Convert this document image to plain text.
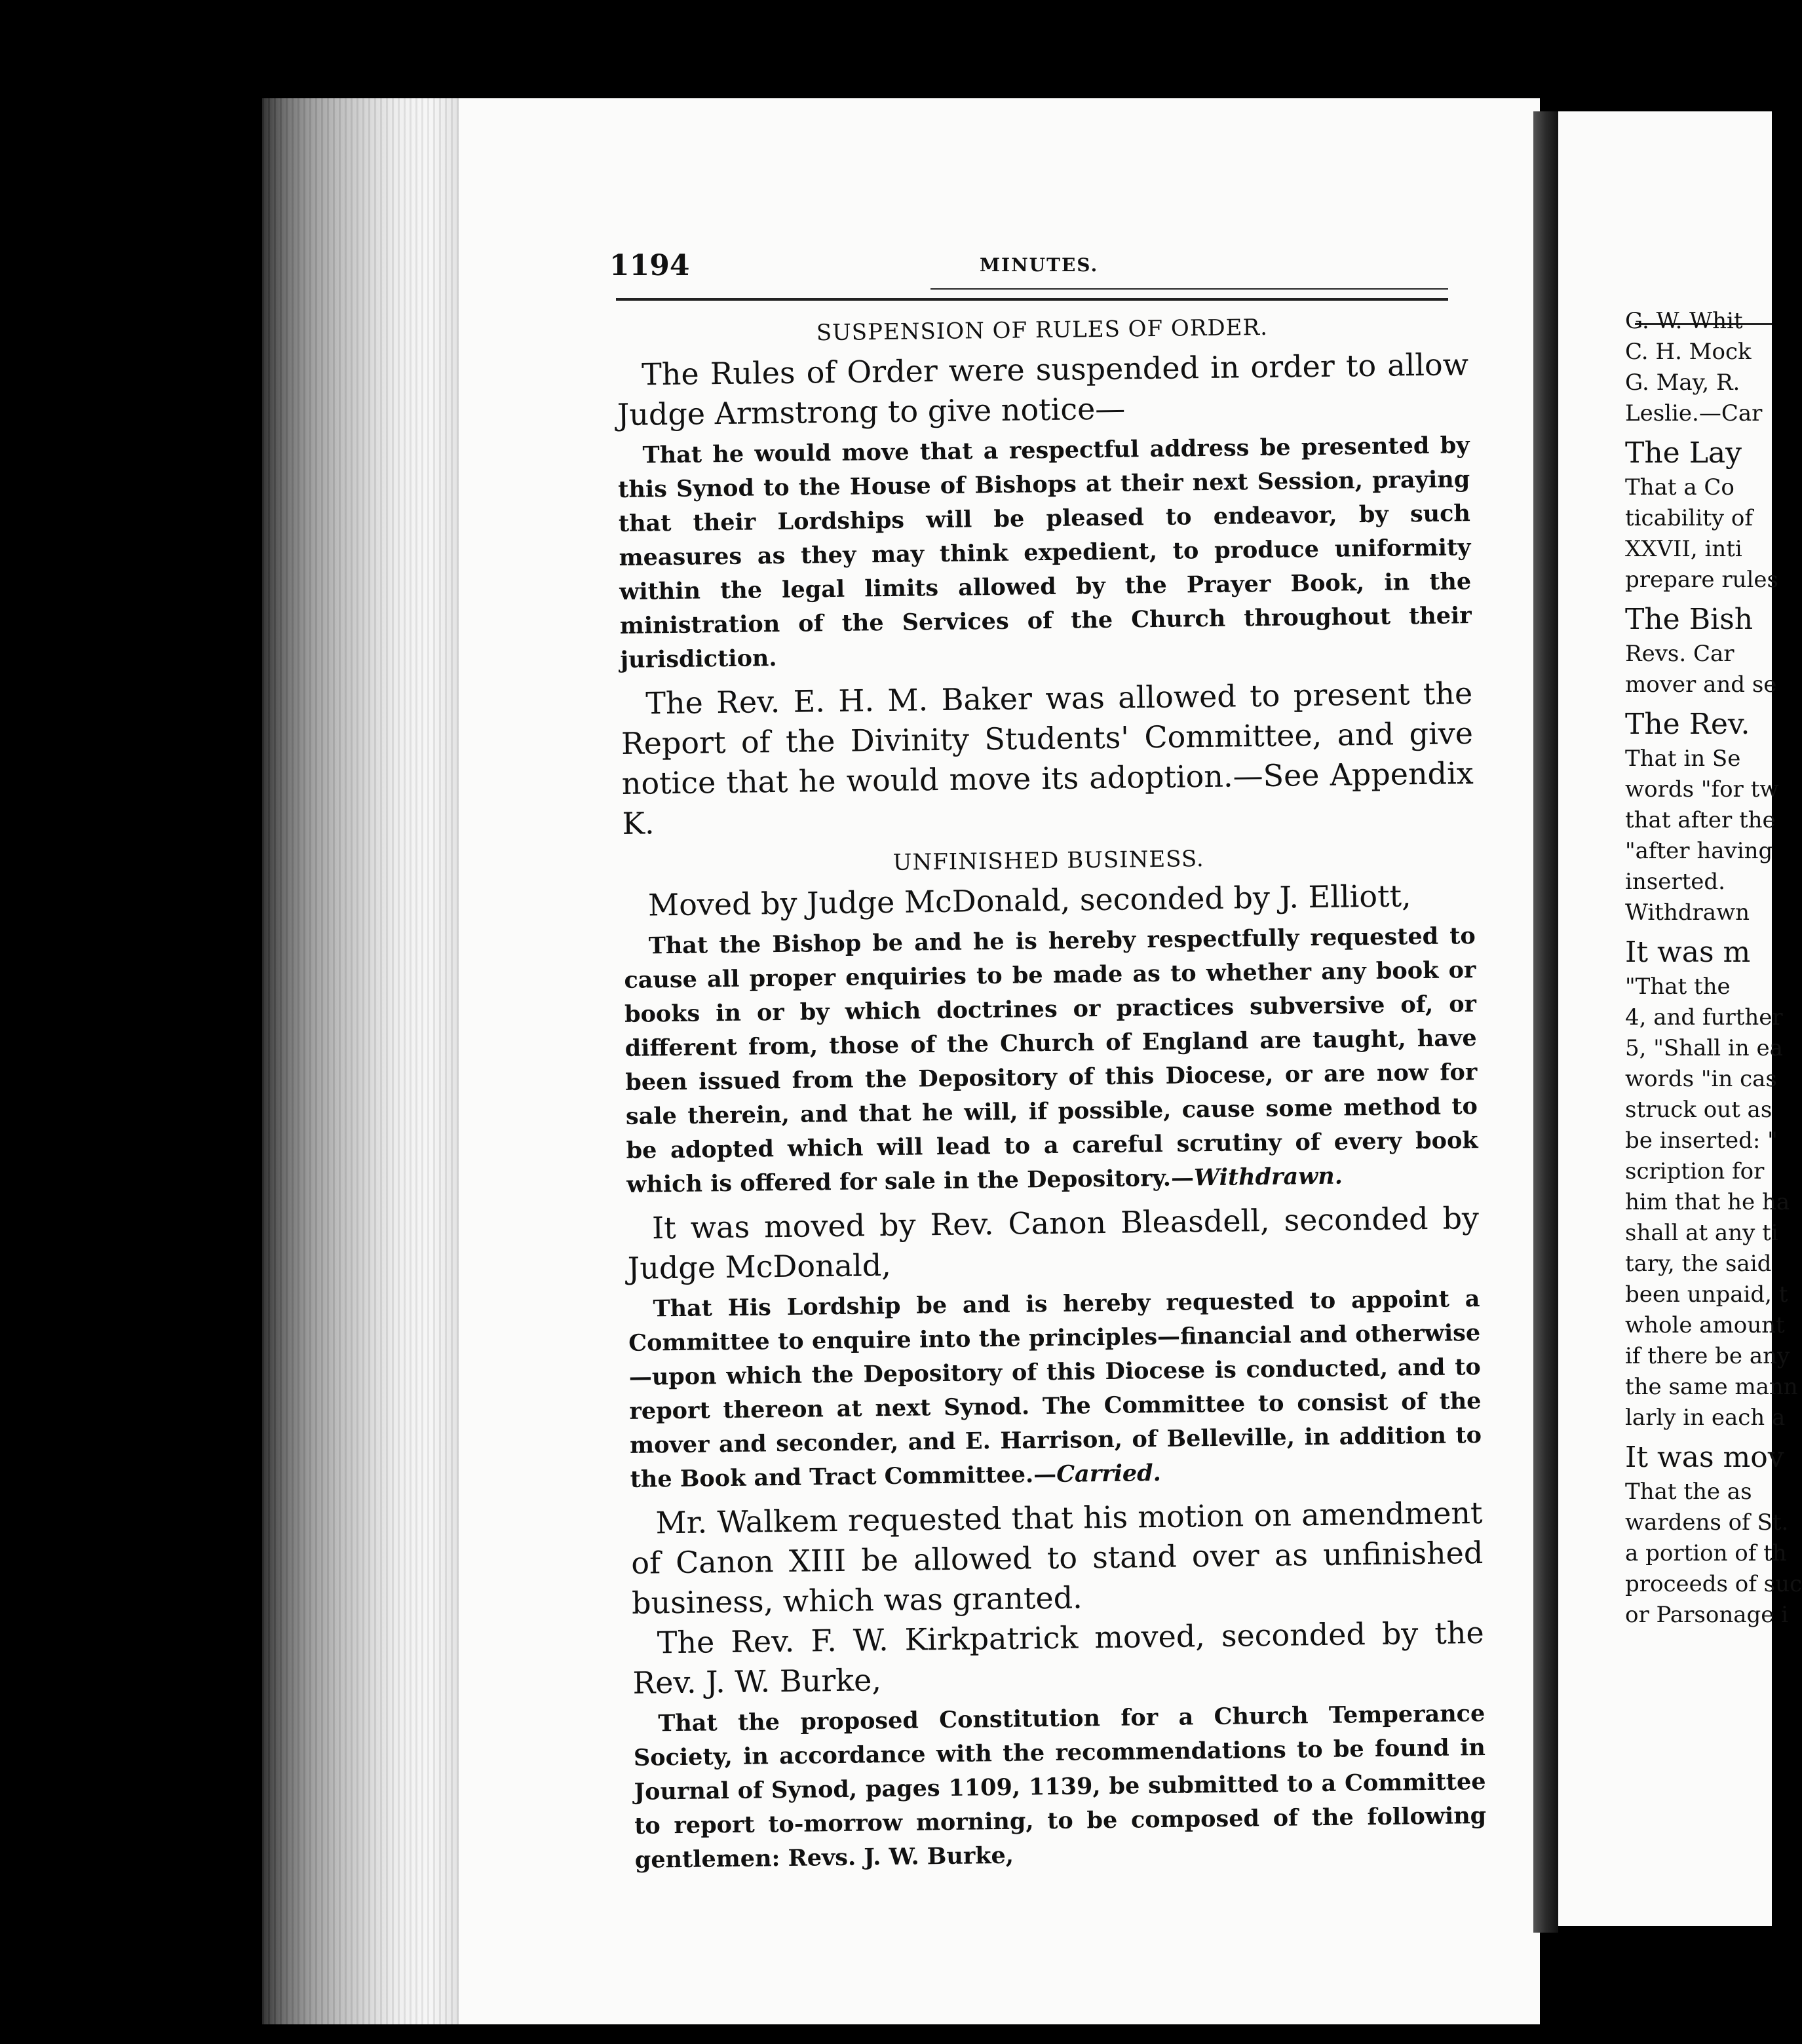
1194	MINUTES.
SUSPENSION OF RULES OF ORDER.

The Rules of Order were suspended in order to allow Judge Armstrong to give notice—

That he would move that a respectful address be presented by this Synod to the House of Bishops at their next Session, praying that their Lordships will be pleased to endeavor, by such measures as they may think expedient, to produce uniformity within the legal limits allowed by the Prayer Book, in the ministration of the Services of the Church throughout their jurisdiction.

The Rev. E. H. M. Baker was allowed to present the Report of the Divinity Students' Committee, and give notice that he would move its adoption.—See Appendix K.

UNFINISHED BUSINESS.

Moved by Judge McDonald, seconded by J. Elliott,

That the Bishop be and he is hereby respectfully requested to cause all proper enquiries to be made as to whether any book or books in or by which doctrines or practices subversive of, or different from, those of the Church of England are taught, have been issued from the Depository of this Diocese, or are now for sale therein, and that he will, if possible, cause some method to be adopted which will lead to a careful scrutiny of every book which is offered for sale in the Depository.—Withdrawn.

It was moved by Rev. Canon Bleasdell, seconded by Judge McDonald,

That His Lordship be and is hereby requested to appoint a Committee to enquire into the principles—financial and otherwise—upon which the Depository of this Diocese is conducted, and to report thereon at next Synod. The Committee to consist of the mover and seconder, and E. Harrison, of Belleville, in addition to the Book and Tract Committee.—Carried.

Mr. Walkem requested that his motion on amendment of Canon XIII be allowed to stand over as unfinished business, which was granted.

The Rev. F. W. Kirkpatrick moved, seconded by the Rev. J. W. Burke,

That the proposed Constitution for a Church Temperance Society, in accordance with the recommendations to be found in Journal of Synod, pages 1109, 1139, be submitted to a Committee to report to-morrow morning, to be composed of the following gentlemen: Revs. J. W. Burke,

G. W. Whit
C. H. Mock
G. May, R.
Leslie.—Car
The Lay
That a Co
ticability of
XXVII, inti
prepare rules
The Bish
Revs. Car
mover and se
The Rev.
That in Se
words "for tw
that after the
"after having
inserted.
Withdrawn
It was m
"That the
4, and further
5, "Shall in ea
words "in cas
struck out as
be inserted: "
scription for
him that he ha
shall at any ti
tary, the said
been unpaid, t
whole amount
if there be any
the same mann
larly in each a
It was mov
That the as
wardens of St.
a portion of th
proceeds of suc
or Parsonage i
